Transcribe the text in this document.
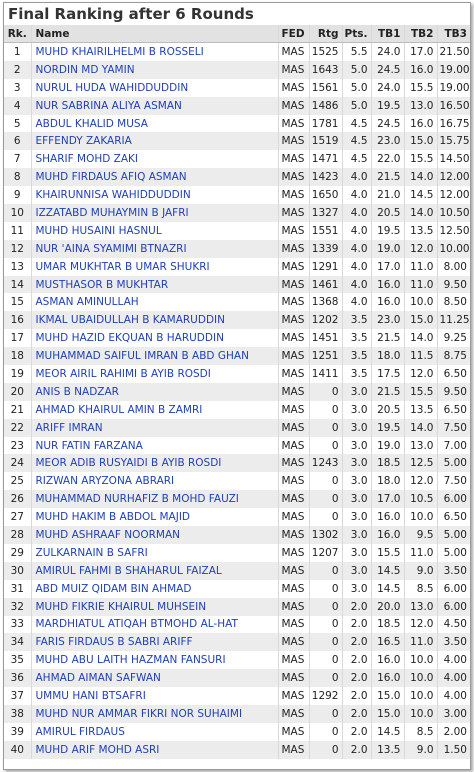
Final Ranking after 6 Rounds
Rk.	Name	FED	Rtg	Pts.	TB1	TB2	TB3
1	MUHD KHAIRILHELMI B ROSSELI	MAS	1525	5.5	24.0	17.0	21.50
2	NORDIN MD YAMIN	MAS	1643	5.0	24.5	16.0	19.00
3	NURUL HUDA WAHIDDUDDIN	MAS	1561	5.0	24.0	15.5	19.00
4	NUR SABRINA ALIYA ASMAN	MAS	1486	5.0	19.5	13.0	16.50
5	ABDUL KHALID MUSA	MAS	1781	4.5	24.5	16.0	16.75
6	EFFENDY ZAKARIA	MAS	1519	4.5	23.0	15.0	15.75
7	SHARIF MOHD ZAKI	MAS	1471	4.5	22.0	15.5	14.50
8	MUHD FIRDAUS AFIQ ASMAN	MAS	1423	4.0	21.5	14.0	12.00
9	KHAIRUNNISA WAHIDDUDDIN	MAS	1650	4.0	21.0	14.5	12.00
10	IZZATABD MUHAYMIN B JAFRI	MAS	1327	4.0	20.5	14.0	10.50
11	MUHD HUSAINI HASNUL	MAS	1551	4.0	19.5	13.5	12.50
12	NUR 'AINA SYAMIMI BTNAZRI	MAS	1339	4.0	19.0	12.0	10.00
13	UMAR MUKHTAR B UMAR SHUKRI	MAS	1291	4.0	17.0	11.0	8.00
14	MUSTHASOR B MUKHTAR	MAS	1461	4.0	16.0	11.0	9.50
15	ASMAN AMINULLAH	MAS	1368	4.0	16.0	10.0	8.50
16	IKMAL UBAIDULLAH B KAMARUDDIN	MAS	1202	3.5	23.0	15.0	11.25
17	MUHD HAZID EKQUAN B HARUDDIN	MAS	1451	3.5	21.5	14.0	9.25
18	MUHAMMAD SAIFUL IMRAN B ABD GHAN	MAS	1251	3.5	18.0	11.5	8.75
19	MEOR AIRIL RAHIMI B AYIB ROSDI	MAS	1411	3.5	17.5	12.0	6.50
20	ANIS B NADZAR	MAS	0	3.0	21.5	15.5	9.50
21	AHMAD KHAIRUL AMIN B ZAMRI	MAS	0	3.0	20.5	13.5	6.50
22	ARIFF IMRAN	MAS	0	3.0	19.5	14.0	7.50
23	NUR FATIN FARZANA	MAS	0	3.0	19.0	13.0	7.00
24	MEOR ADIB RUSYAIDI B AYIB ROSDI	MAS	1243	3.0	18.5	12.5	5.00
25	RIZWAN ARYZONA ABRARI	MAS	0	3.0	18.0	12.0	7.50
26	MUHAMMAD NURHAFIZ B MOHD FAUZI	MAS	0	3.0	17.0	10.5	6.00
27	MUHD HAKIM B ABDOL MAJID	MAS	0	3.0	16.0	10.0	6.50
28	MUHD ASHRAAF NOORMAN	MAS	1302	3.0	16.0	9.5	5.00
29	ZULKARNAIN B SAFRI	MAS	1207	3.0	15.5	11.0	5.00
30	AMIRUL FAHMI B SHAHARUL FAIZAL	MAS	0	3.0	14.5	9.0	3.50
31	ABD MUIZ QIDAM BIN AHMAD	MAS	0	3.0	14.5	8.5	6.00
32	MUHD FIKRIE KHAIRUL MUHSEIN	MAS	0	2.0	20.0	13.0	6.00
33	MARDHIATUL ATIQAH BTMOHD AL-HAT	MAS	0	2.0	18.5	12.0	4.50
34	FARIS FIRDAUS B SABRI ARIFF	MAS	0	2.0	16.5	11.0	3.50
35	MUHD ABU LAITH HAZMAN FANSURI	MAS	0	2.0	16.0	10.0	4.00
36	AHMAD AIMAN SAFWAN	MAS	0	2.0	16.0	10.0	4.00
37	UMMU HANI BTSAFRI	MAS	1292	2.0	15.0	10.0	4.00
38	MUHD NUR AMMAR FIKRI NOR SUHAIMI	MAS	0	2.0	15.0	10.0	3.00
39	AMIRUL FIRDAUS	MAS	0	2.0	14.5	8.5	2.00
40	MUHD ARIF MOHD ASRI	MAS	0	2.0	13.5	9.0	1.50
